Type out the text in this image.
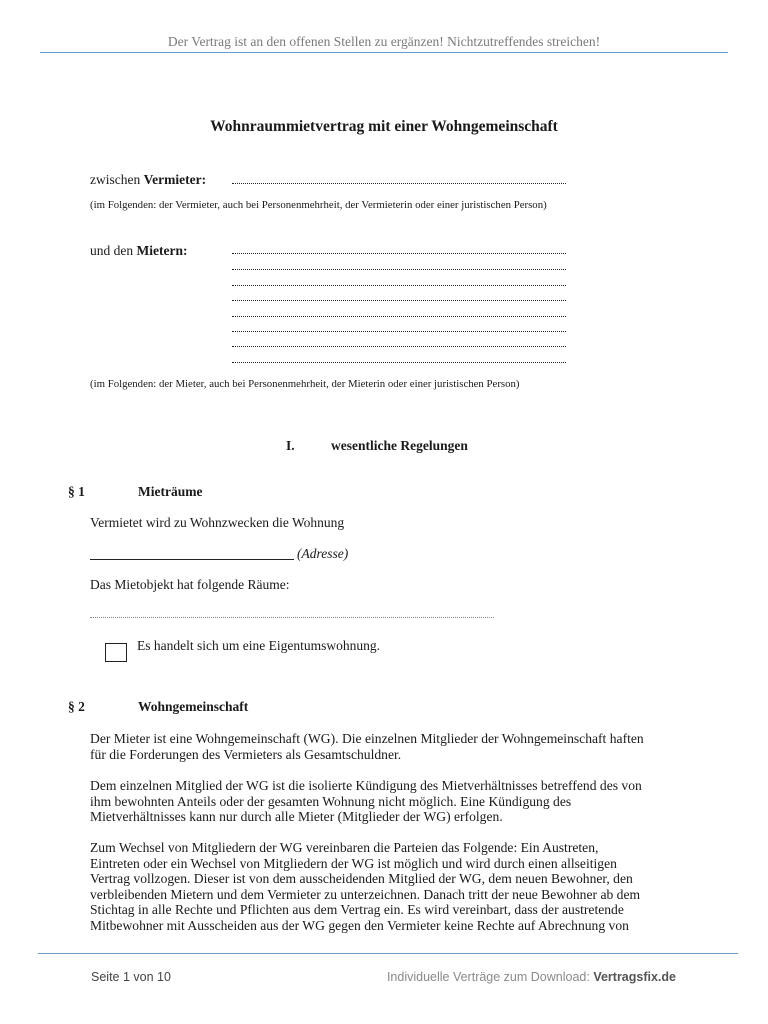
Der Vertrag ist an den offenen Stellen zu ergänzen! Nichtzutreffendes streichen!
Wohnraummietvertrag mit einer Wohngemeinschaft
zwischen Vermieter:
(im Folgenden: der Vermieter, auch bei Personenmehrheit, der Vermieterin oder einer juristischen Person)
und den Mietern:
(im Folgenden: der Mieter, auch bei Personenmehrheit, der Mieterin oder einer juristischen Person)
I.	wesentliche Regelungen
§ 1	Mieträume
Vermietet wird zu Wohnzwecken die Wohnung
(Adresse)
Das Mietobjekt hat folgende Räume:
Es handelt sich um eine Eigentumswohnung.
§ 2	Wohngemeinschaft
Der Mieter ist eine Wohngemeinschaft (WG). Die einzelnen Mitglieder der Wohngemeinschaft haften
für die Forderungen des Vermieters als Gesamtschuldner.
Dem einzelnen Mitglied der WG ist die isolierte Kündigung des Mietverhältnisses betreffend des von
ihm bewohnten Anteils oder der gesamten Wohnung nicht möglich. Eine Kündigung des
Mietverhältnisses kann nur durch alle Mieter (Mitglieder der WG) erfolgen.
Zum Wechsel von Mitgliedern der WG vereinbaren die Parteien das Folgende: Ein Austreten,
Eintreten oder ein Wechsel von Mitgliedern der WG ist möglich und wird durch einen allseitigen
Vertrag vollzogen. Dieser ist von dem ausscheidenden Mitglied der WG, dem neuen Bewohner, den
verbleibenden Mietern und dem Vermieter zu unterzeichnen. Danach tritt der neue Bewohner ab dem
Stichtag in alle Rechte und Pflichten aus dem Vertrag ein. Es wird vereinbart, dass der austretende
Mitbewohner mit Ausscheiden aus der WG gegen den Vermieter keine Rechte auf Abrechnung von
Seite 1 von 10	Individuelle Verträge zum Download: Vertragsfix.de
